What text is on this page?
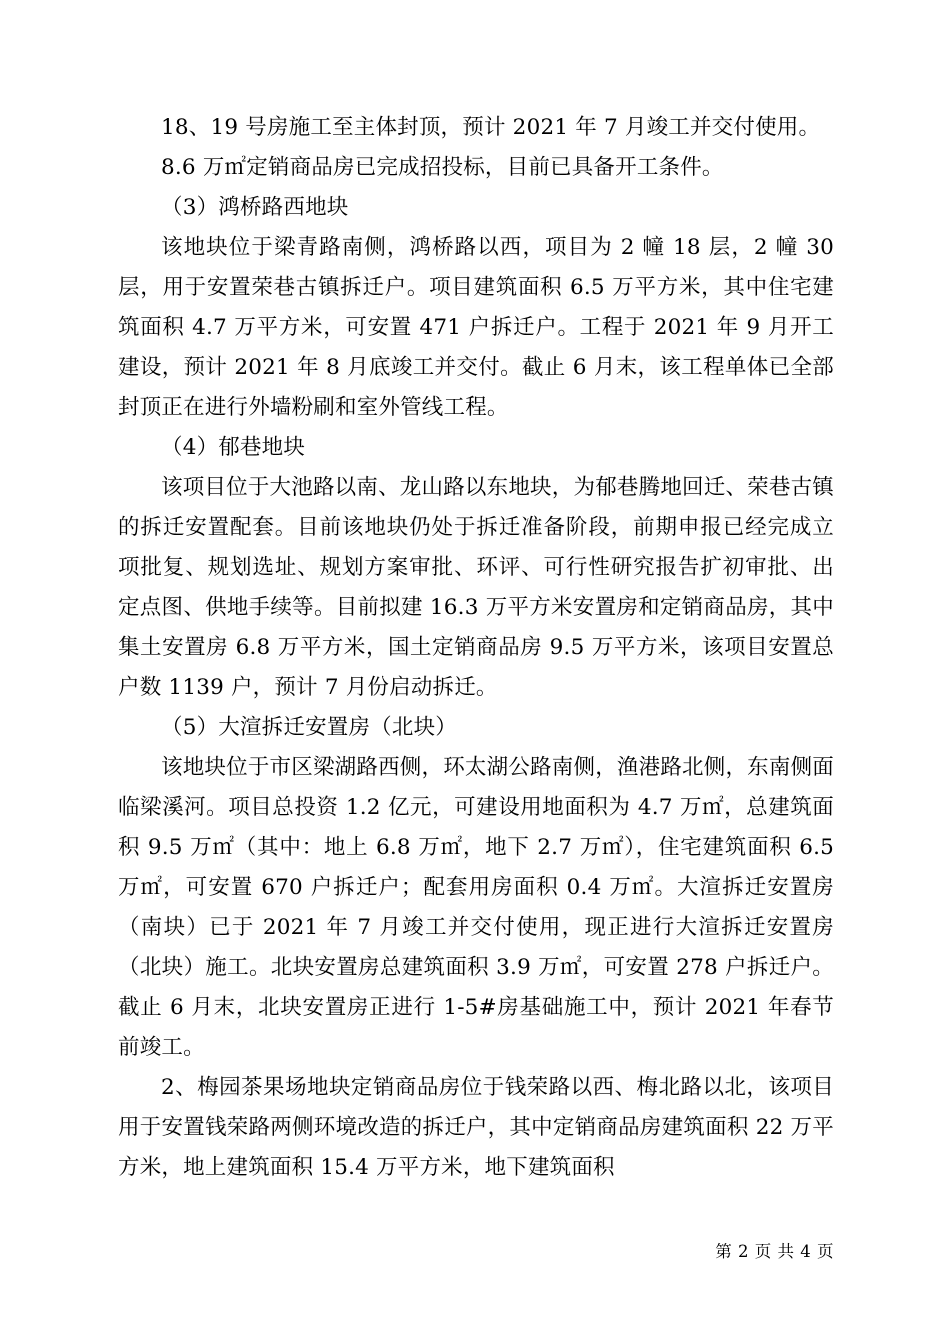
18、19 号房施工至主体封顶，预计 2021 年 7 月竣工并交付使用。

8.6 万㎡定销商品房已完成招投标，目前已具备开工条件。

（3）鸿桥路西地块

该地块位于梁青路南侧，鸿桥路以西，项目为 2 幢 18 层，2 幢 30 层，用于安置荣巷古镇拆迁户。项目建筑面积 6.5 万平方米，其中住宅建筑面积 4.7 万平方米，可安置 471 户拆迁户。工程于 2021 年 9 月开工建设，预计 2021 年 8 月底竣工并交付。截止 6 月末，该工程单体已全部封顶正在进行外墙粉刷和室外管线工程。

（4）郁巷地块

该项目位于大池路以南、龙山路以东地块，为郁巷腾地回迁、荣巷古镇的拆迁安置配套。目前该地块仍处于拆迁准备阶段，前期申报已经完成立项批复、规划选址、规划方案审批、环评、可行性研究报告扩初审批、出定点图、供地手续等。目前拟建 16.3 万平方米安置房和定销商品房，其中集土安置房 6.8 万平方米，国土定销商品房 9.5 万平方米，该项目安置总户数 1139 户，预计 7 月份启动拆迁。

（5）大渲拆迁安置房（北块）

该地块位于市区梁湖路西侧，环太湖公路南侧，渔港路北侧，东南侧面临梁溪河。项目总投资 1.2 亿元，可建设用地面积为 4.7 万㎡，总建筑面积 9.5 万㎡（其中：地上 6.8 万㎡，地下 2.7 万㎡），住宅建筑面积 6.5 万㎡，可安置 670 户拆迁户；配套用房面积 0.4 万㎡。大渲拆迁安置房（南块）已于 2021 年 7 月竣工并交付使用，现正进行大渲拆迁安置房（北块）施工。北块安置房总建筑面积 3.9 万㎡，可安置 278 户拆迁户。截止 6 月末，北块安置房正进行 1-5#房基础施工中，预计 2021 年春节前竣工。

2、梅园茶果场地块定销商品房位于钱荣路以西、梅北路以北，该项目用于安置钱荣路两侧环境改造的拆迁户，其中定销商品房建筑面积 22 万平方米，地上建筑面积 15.4 万平方米，地下建筑面积

第 2 页 共 4 页
